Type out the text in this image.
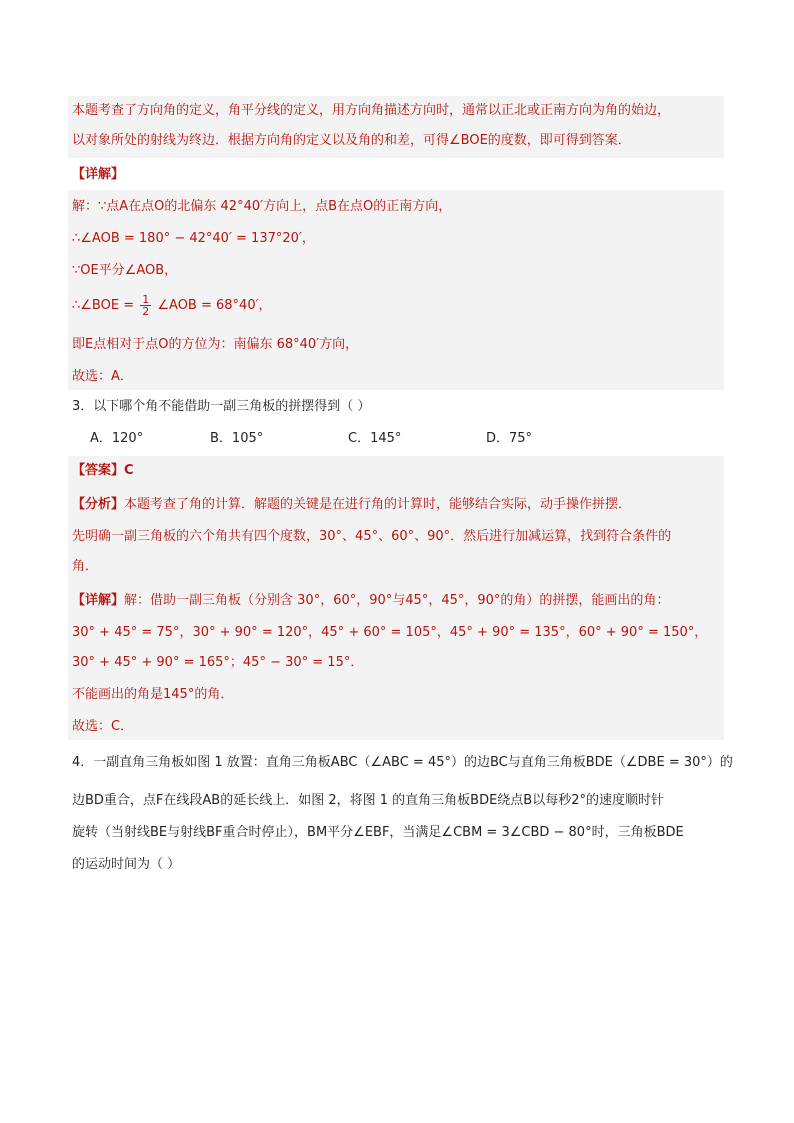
本题考查了方向角的定义，角平分线的定义，用方向角描述方向时，通常以正北或正南方向为角的始边，
以对象所处的射线为终边．根据方向角的定义以及角的和差，可得∠BOE的度数，即可得到答案．
【详解】
解：∵点A在点O的北偏东 42°40′方向上，点B在点O的正南方向，
∴∠AOB = 180° − 42°40′ = 137°20′，
∵OE平分∠AOB，
∴∠BOE = $\frac{1}{2}$ ∠AOB = 68°40′，
即E点相对于点O的方位为：南偏东 68°40′方向，
故选：A．
3．以下哪个角不能借助一副三角板的拼摆得到（ ）
A．120°	B．105°	C．145°	D．75°
【答案】C
【分析】本题考查了角的计算．解题的关键是在进行角的计算时，能够结合实际，动手操作拼摆．
先明确一副三角板的六个角共有四个度数，30°、45°、60°、90°．然后进行加减运算，找到符合条件的
角．
【详解】解：借助一副三角板（分别含 30°，60°，90°与45°，45°，90°的角）的拼摆，能画出的角：
30° + 45° = 75°，30° + 90° = 120°，45° + 60° = 105°，45° + 90° = 135°，60° + 90° = 150°，
30° + 45° + 90° = 165°；45° − 30° = 15°．
不能画出的角是145°的角．
故选：C．
4．一副直角三角板如图 1 放置：直角三角板ABC（∠ABC = 45°）的边BC与直角三角板BDE（∠DBE = 30°）的
边BD重合，点F在线段AB的延长线上．如图 2，将图 1 的直角三角板BDE绕点B以每秒2°的速度顺时针
旋转（当射线BE与射线BF重合时停止），BM平分∠EBF，当满足∠CBM = 3∠CBD − 80°时，三角板BDE
的运动时间为（ ）
